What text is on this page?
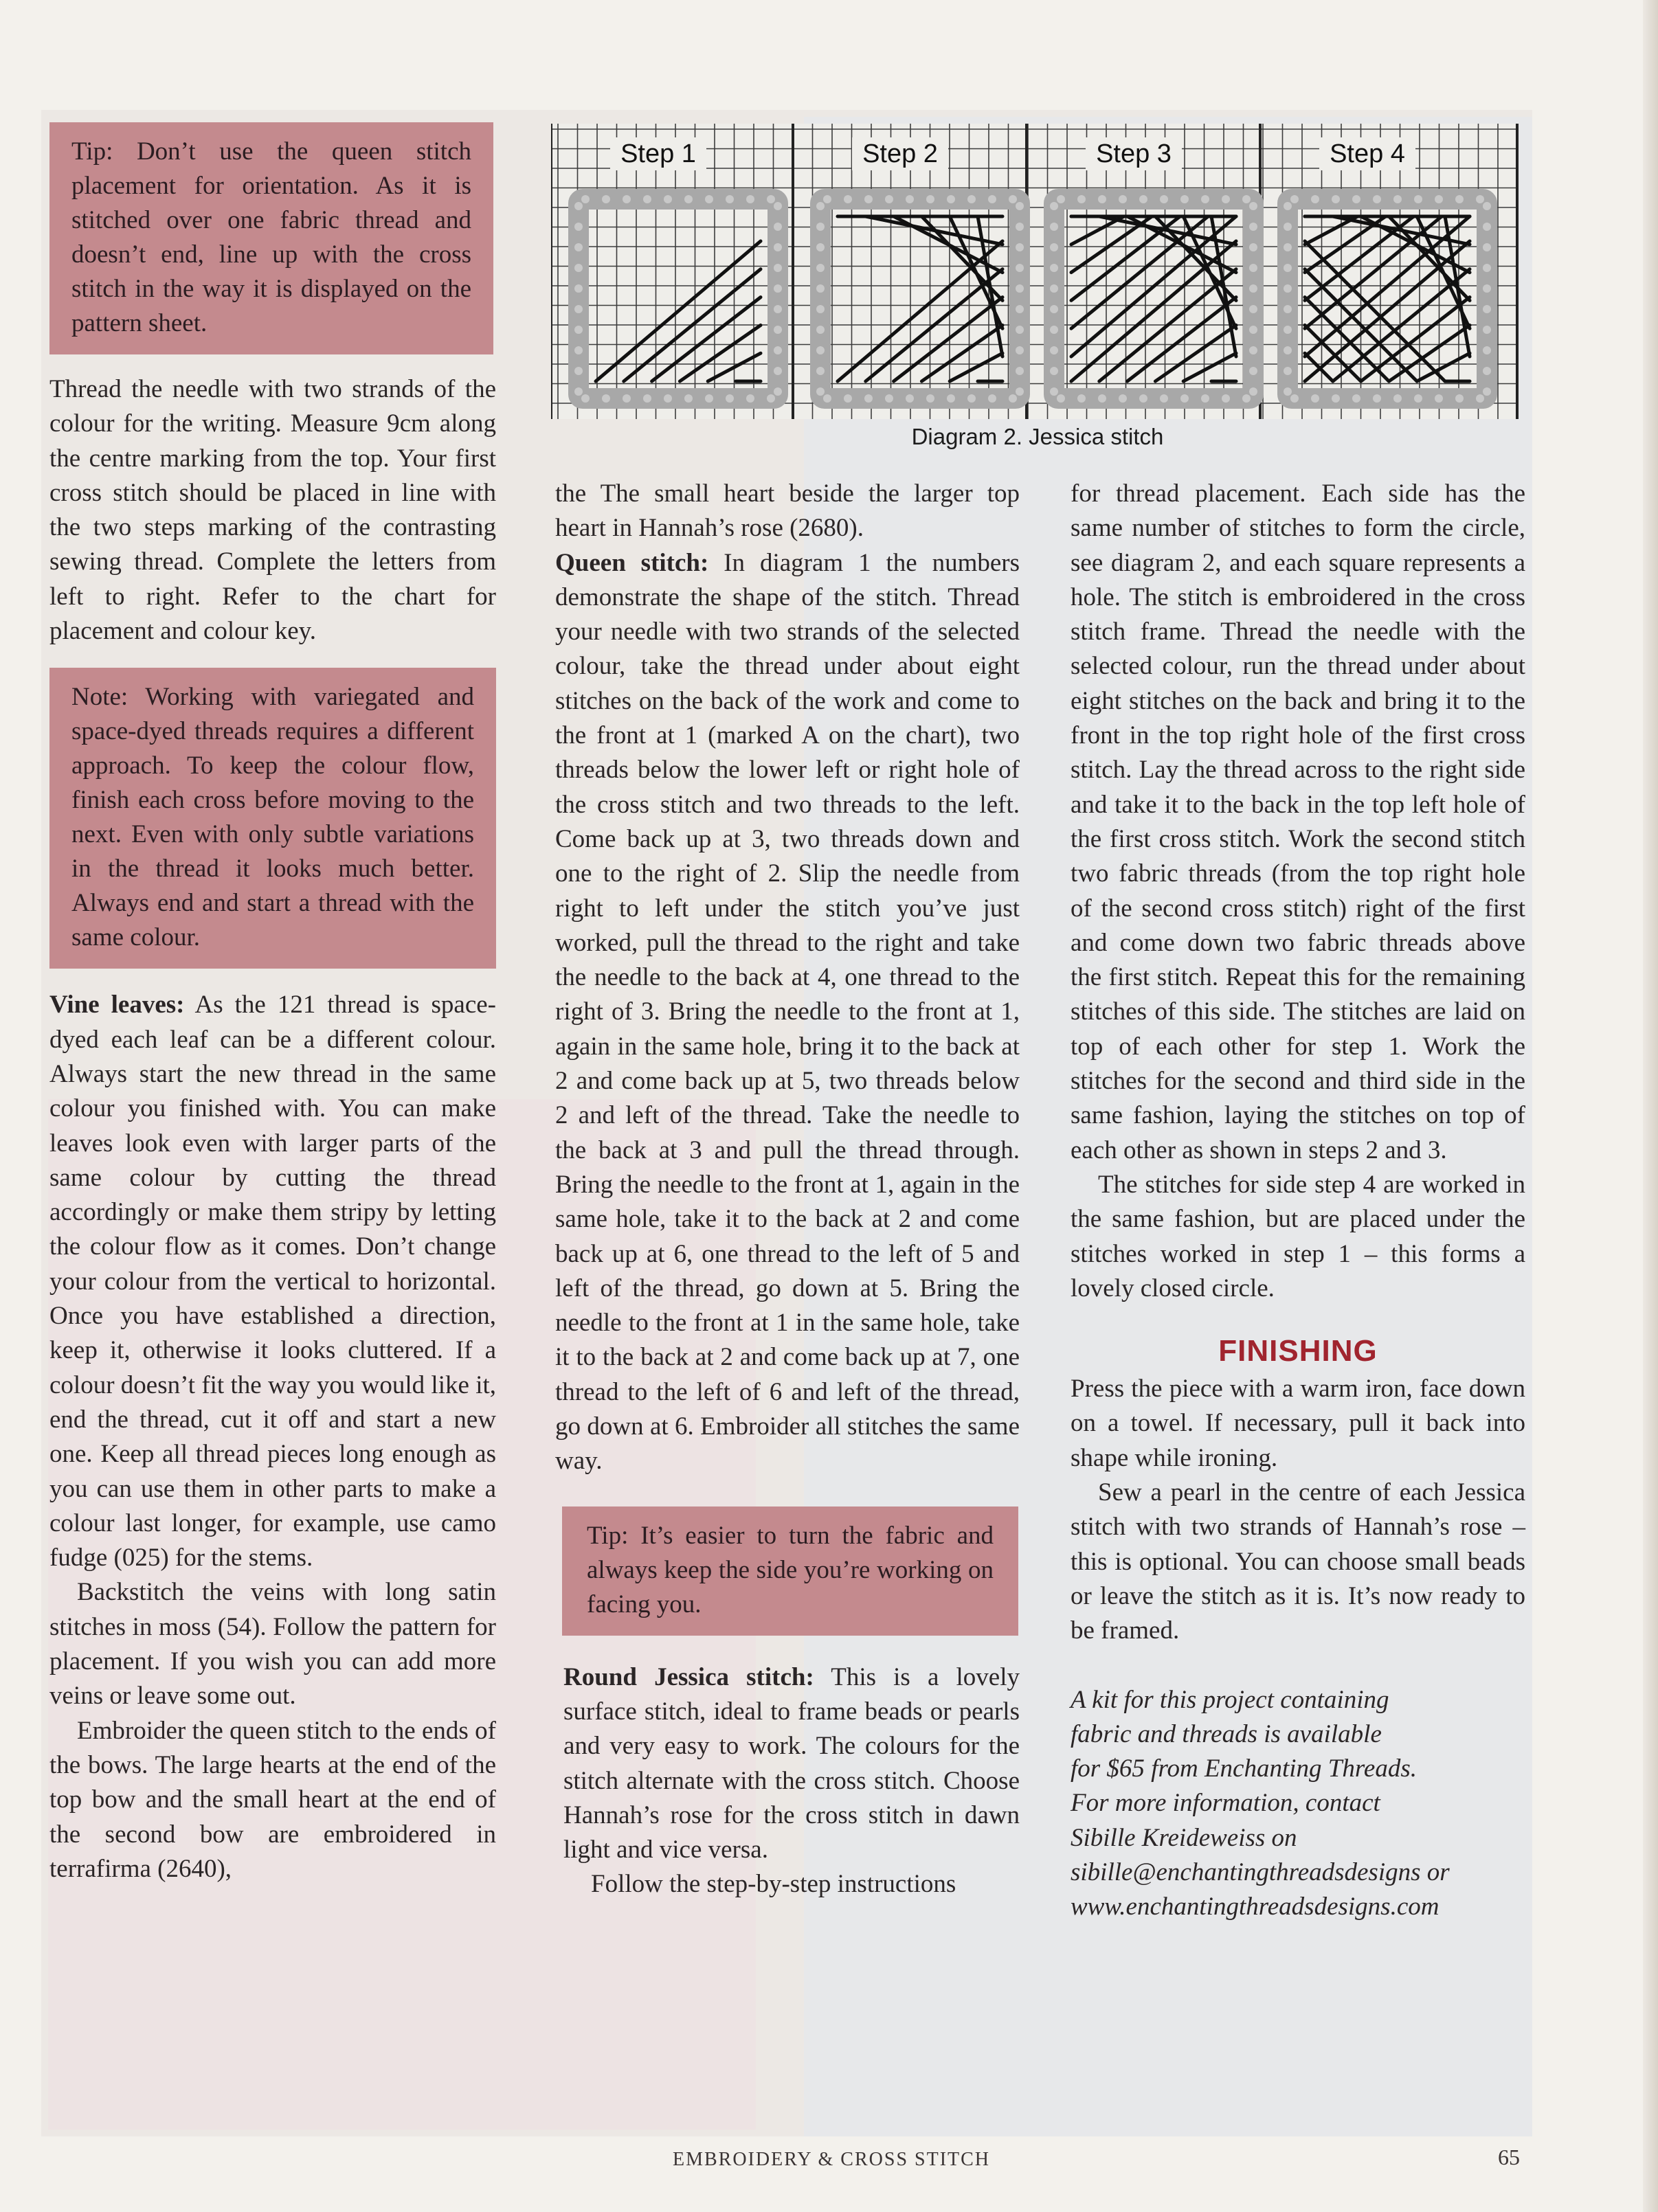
Tip: Don’t use the queen stitch placement for orientation. As it is stitched over one fabric thread and doesn’t end, line up with the cross stitch in the way it is displayed on the pattern sheet.

Thread the needle with two strands of the colour for the writing. Measure 9cm along the centre marking from the top. Your first cross stitch should be placed in line with the two steps marking of the contrasting sewing thread. Complete the letters from left to right. Refer to the chart for placement and colour key.

Note: Working with variegated and space-dyed threads requires a different approach. To keep the colour flow, finish each cross before moving to the next. Even with only subtle variations in the thread it looks much better. Always end and start a thread with the same colour.

Vine leaves: As the 121 thread is space-dyed each leaf can be a different colour. Always start the new thread in the same colour you finished with. You can make leaves look even with larger parts of the same colour by cutting the thread accordingly or make them stripy by letting the colour flow as it comes. Don’t change your colour from the vertical to horizontal. Once you have established a direction, keep it, otherwise it looks cluttered. If a colour doesn’t fit the way you would like it, end the thread, cut it off and start a new one. Keep all thread pieces long enough as you can use them in other parts to make a colour last longer, for example, use camo fudge (025) for the stems.

Backstitch the veins with long satin stitches in moss (54). Follow the pattern for placement. If you wish you can add more veins or leave some out.

Embroider the queen stitch to the ends of the bows. The large hearts at the end of the top bow and the small heart at the end of the second bow are embroidered in terrafirma (2640),

Step 1	Step 2	Step 3	Step 4
Diagram 2. Jessica stitch

the The small heart beside the larger top heart in Hannah’s rose (2680).

Queen stitch: In diagram 1 the numbers demonstrate the shape of the stitch. Thread your needle with two strands of the selected colour, take the thread under about eight stitches on the back of the work and come to the front at 1 (marked A on the chart), two threads below the lower left or right hole of the cross stitch and two threads to the left. Come back up at 3, two threads down and one to the right of 2. Slip the needle from right to left under the stitch you’ve just worked, pull the thread to the right and take the needle to the back at 4, one thread to the right of 3. Bring the needle to the front at 1, again in the same hole, bring it to the back at 2 and come back up at 5, two threads below 2 and left of the thread. Take the needle to the back at 3 and pull the thread through. Bring the needle to the front at 1, again in the same hole, take it to the back at 2 and come back up at 6, one thread to the left of 5 and left of the thread, go down at 5. Bring the needle to the front at 1 in the same hole, take it to the back at 2 and come back up at 7, one thread to the left of 6 and left of the thread, go down at 6. Embroider all stitches the same way.

Tip: It’s easier to turn the fabric and always keep the side you’re working on facing you.

Round Jessica stitch: This is a lovely surface stitch, ideal to frame beads or pearls and very easy to work. The colours for the stitch alternate with the cross stitch. Choose Hannah’s rose for the cross stitch in dawn light and vice versa.

Follow the step-by-step instructions

for thread placement. Each side has the same number of stitches to form the circle, see diagram 2, and each square represents a hole. The stitch is embroidered in the cross stitch frame. Thread the needle with the selected colour, run the thread under about eight stitches on the back and bring it to the front in the top right hole of the first cross stitch. Lay the thread across to the right side and take it to the back in the top left hole of the first cross stitch. Work the second stitch two fabric threads (from the top right hole of the second cross stitch) right of the first and come down two fabric threads above the first stitch. Repeat this for the remaining stitches of this side. The stitches are laid on top of each other for step 1. Work the stitches for the second and third side in the same fashion, laying the stitches on top of each other as shown in steps 2 and 3.

The stitches for side step 4 are worked in the same fashion, but are placed under the stitches worked in step 1 – this forms a lovely closed circle.

FINISHING

Press the piece with a warm iron, face down on a towel. If necessary, pull it back into shape while ironing.

Sew a pearl in the centre of each Jessica stitch with two strands of Hannah’s rose – this is optional. You can choose small beads or leave the stitch as it is. It’s now ready to be framed.

A kit for this project containing
fabric and threads is available
for $65 from Enchanting Threads.
For more information, contact
Sibille Kreideweiss on
sibille@enchantingthreadsdesigns or
www.enchantingthreadsdesigns.com
EMBROIDERY & CROSS STITCH	65
